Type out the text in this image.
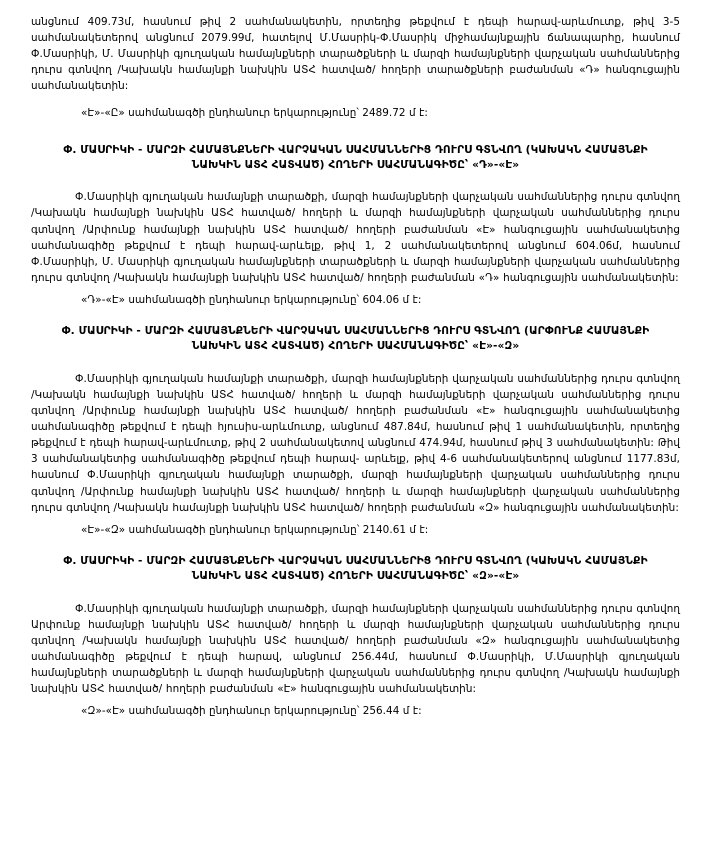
անցնում 409.73մ, հասնում թիվ 2 սահմանակետին, որտեղից թեքվում է դեպի հարավ-արևմուտք, թիվ 3-5 սահմանակետերով անցնում 2079.99մ, հատելով Մ.Մասրիկ-Փ.Մասրիկ միջհամայնքային ճանապարհը, հասնում Փ.Մասրիկի, Մ. Մասրիկի գյուղական համայնքների տարածքների և մարզի համայնքների վարչական սահմաններից դուրս գտնվող /Կախակն համայնքի նախկին ԱՏՀ հատված/ հողերի տարածքների բաժանման «Դ» հանգուցային սահմանակետին:

«Է»-«Ը» սահմանագծի ընդհանուր երկարությունը՝ 2489.72 մ է:

Փ. ՄԱՍՐԻԿԻ - ՄԱՐԶԻ ՀԱՄԱՅՆՔՆԵՐԻ ՎԱՐՉԱԿԱՆ ՍԱՀՄԱՆՆԵՐԻՑ ԴՈՒՐՍ ԳՏՆՎՈՂ (ԿԱԽԱԿՆ ՀԱՄԱՅՆՔԻ ՆԱԽԿԻՆ ԱՏՀ ՀԱՏՎԱԾ) ՀՈՂԵՐԻ ՍԱՀՄԱՆԱԳԻԾԸ՝ «Դ»-«Է»

Փ.Մասրիկի գյուղական համայնքի տարածքի, մարզի համայնքների վարչական սահմաններից դուրս գտնվող /Կախակն համայնքի նախկին ԱՏՀ հատված/ հողերի և մարզի համայնքների վարչական սահմաններից դուրս գտնվող /Արփունք համայնքի նախկին ԱՏՀ հատված/ հողերի բաժանման «Է» հանգուցային սահմանակետից սահմանագիծը թեքվում է դեպի հարավ-արևելք, թիվ 1, 2 սահմանակետերով անցնում 604.06մ, հասնում Փ.Մասրիկի, Մ. Մասրիկի գյուղական համայնքների տարածքների և մարզի համայնքների վարչական սահմաններից դուրս գտնվող /Կախակն համայնքի նախկին ԱՏՀ հատված/ հողերի բաժանման «Դ» հանգուցային սահմանակետին:

«Դ»-«Է» սահմանագծի ընդհանուր երկարությունը՝ 604.06 մ է:

Փ. ՄԱՍՐԻԿԻ - ՄԱՐԶԻ ՀԱՄԱՅՆՔՆԵՐԻ ՎԱՐՉԱԿԱՆ ՍԱՀՄԱՆՆԵՐԻՑ ԴՈՒՐՍ ԳՏՆՎՈՂ (ԱՐՓՈՒՆՔ ՀԱՄԱՅՆՔԻ ՆԱԽԿԻՆ ԱՏՀ ՀԱՏՎԱԾ) ՀՈՂԵՐԻ ՍԱՀՄԱՆԱԳԻԾԸ՝ «Է»-«Զ»

Փ.Մասրիկի գյուղական համայնքի տարածքի, մարզի համայնքների վարչական սահմաններից դուրս գտնվող /Կախակն համայնքի նախկին ԱՏՀ հատված/ հողերի և մարզի համայնքների վարչական սահմաններից դուրս գտնվող /Արփունք համայնքի նախկին ԱՏՀ հատված/ հողերի բաժանման «Է» հանգուցային սահմանակետից սահմանագիծը թեքվում է դեպի հյուսիս-արևմուտք, անցնում 487.84մ, հասնում թիվ 1 սահմանակետին, որտեղից թեքվում է դեպի հարավ-արևմուտք, թիվ 2 սահմանակետով անցնում 474.94մ, հասնում թիվ 3 սահմանակետին: Թիվ 3 սահմանակետից սահմանագիծը թեքվում դեպի հարավ- արևելք, թիվ 4-6 սահմանակետերով անցնում 1177.83մ, հասնում Փ.Մասրիկի գյուղական համայնքի տարածքի, մարզի համայնքների վարչական սահմաններից դուրս գտնվող /Արփունք համայնքի նախկին ԱՏՀ հատված/ հողերի և մարզի համայնքների վարչական սահմաններից դուրս գտնվող /Կախակն համայնքի նախկին ԱՏՀ հատված/ հողերի բաժանման «Զ» հանգուցային սահմանակետին:

«Է»-«Զ» սահմանագծի ընդհանուր երկարությունը՝ 2140.61 մ է:

Փ. ՄԱՍՐԻԿԻ - ՄԱՐԶԻ ՀԱՄԱՅՆՔՆԵՐԻ ՎԱՐՉԱԿԱՆ ՍԱՀՄԱՆՆԵՐԻՑ ԴՈՒՐՍ ԳՏՆՎՈՂ (ԿԱԽԱԿՆ ՀԱՄԱՅՆՔԻ ՆԱԽԿԻՆ ԱՏՀ ՀԱՏՎԱԾ) ՀՈՂԵՐԻ ՍԱՀՄԱՆԱԳԻԾԸ՝ «Զ»-«Է»

Փ.Մասրիկի գյուղական համայնքի տարածքի, մարզի համայնքների վարչական սահմաններից դուրս գտնվող Արփունք համայնքի նախկին ԱՏՀ հատված/ հողերի և մարզի համայնքների վարչական սահմաններից դուրս գտնվող /Կախակն համայնքի նախկին ԱՏՀ հատված/ հողերի բաժանման «Զ» հանգուցային սահմանակետից սահմանագիծը թեքվում է դեպի հարավ, անցնում 256.44մ, հասնում Փ.Մասրիկի, Մ.Մասրիկի գյուղական համայնքների տարածքների և մարզի համայնքների վարչական սահմաններից դուրս գտնվող /Կախակն համայնքի նախկին ԱՏՀ հատված/ հողերի բաժանման «Է» հանգուցային սահմանակետին:

«Զ»-«Է» սահմանագծի ընդհանուր երկարությունը՝ 256.44 մ է:
